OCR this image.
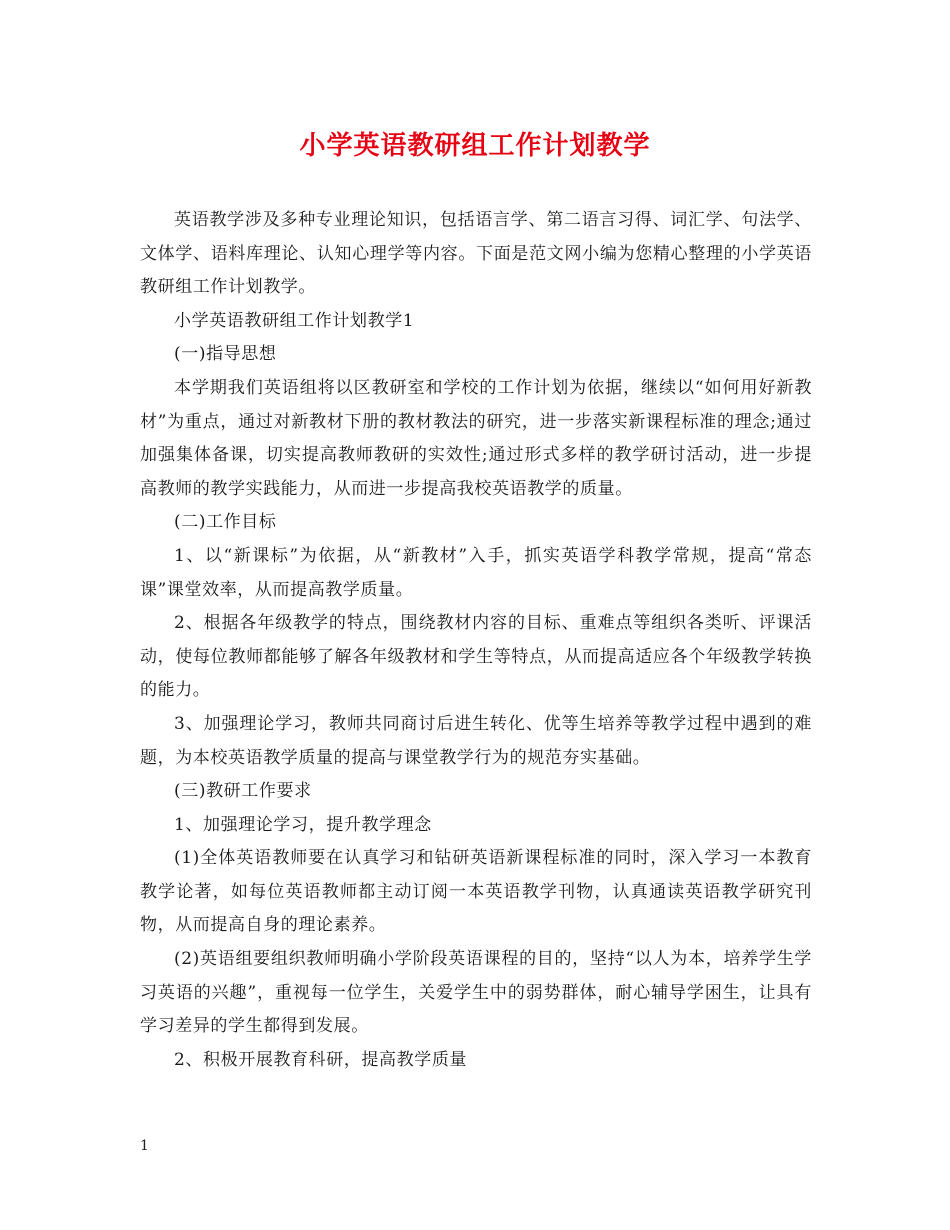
小学英语教研组工作计划教学

英语教学涉及多种专业理论知识，包括语言学、第二语言习得、词汇学、句法学、文体学、语料库理论、认知心理学等内容。下面是范文网小编为您精心整理的小学英语教研组工作计划教学。

小学英语教研组工作计划教学1

(一)指导思想

本学期我们英语组将以区教研室和学校的工作计划为依据，继续以“如何用好新教材”为重点，通过对新教材下册的教材教法的研究，进一步落实新课程标准的理念;通过加强集体备课，切实提高教师教研的实效性;通过形式多样的教学研讨活动，进一步提高教师的教学实践能力，从而进一步提高我校英语教学的质量。

(二)工作目标

1、以“新课标”为依据，从“新教材”入手，抓实英语学科教学常规，提高“常态课”课堂效率，从而提高教学质量。

2、根据各年级教学的特点，围绕教材内容的目标、重难点等组织各类听、评课活动，使每位教师都能够了解各年级教材和学生等特点，从而提高适应各个年级教学转换的能力。

3、加强理论学习，教师共同商讨后进生转化、优等生培养等教学过程中遇到的难题，为本校英语教学质量的提高与课堂教学行为的规范夯实基础。

(三)教研工作要求

1、加强理论学习，提升教学理念

(1)全体英语教师要在认真学习和钻研英语新课程标准的同时，深入学习一本教育教学论著，如每位英语教师都主动订阅一本英语教学刊物，认真通读英语教学研究刊物，从而提高自身的理论素养。

(2)英语组要组织教师明确小学阶段英语课程的目的，坚持“以人为本，培养学生学习英语的兴趣”，重视每一位学生，关爱学生中的弱势群体，耐心辅导学困生，让具有学习差异的学生都得到发展。

2、积极开展教育科研，提高教学质量

1
